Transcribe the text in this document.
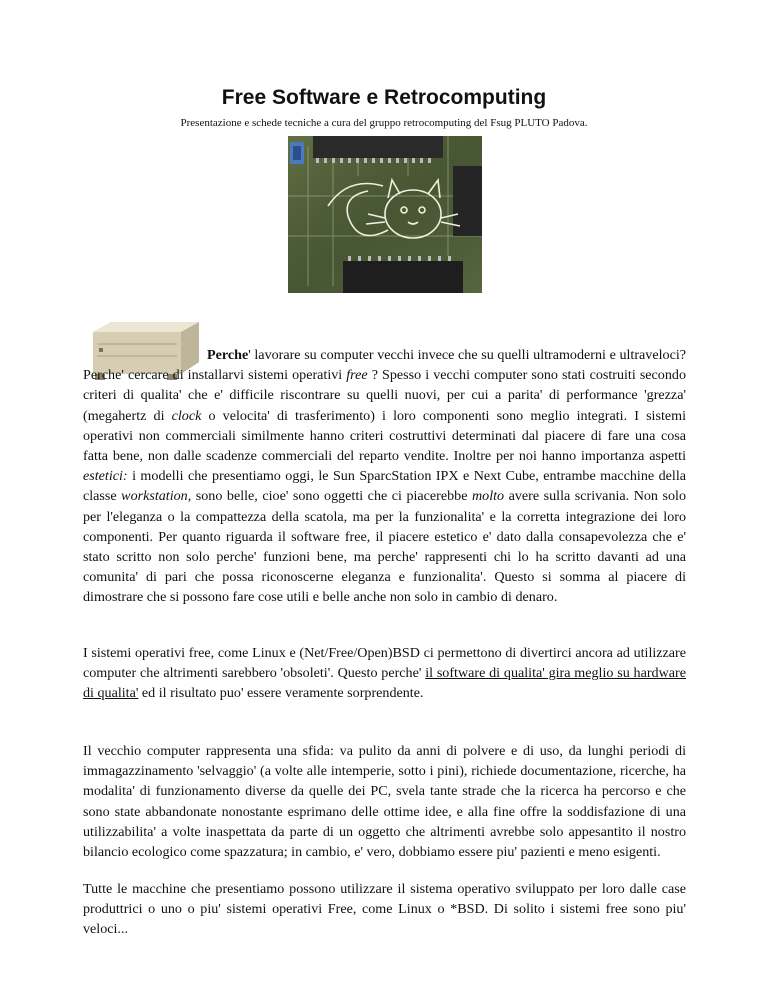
Free Software e Retrocomputing

Presentazione e schede tecniche a cura del gruppo retrocomputing del Fsug PLUTO Padova.

Perche' lavorare su computer vecchi invece che su quelli ultramoderni e ultraveloci? Perche' cercare di installarvi sistemi operativi free ? Spesso i vecchi computer sono stati costruiti secondo criteri di qualita' che e' difficile riscontrare su quelli nuovi, per cui a parita' di performance 'grezza' (megahertz di clock o velocita' di trasferimento) i loro componenti sono meglio integrati. I sistemi operativi non commerciali similmente hanno criteri costruttivi determinati dal piacere di fare una cosa fatta bene, non dalle scadenze commerciali del reparto vendite. Inoltre per noi hanno importanza aspetti estetici: i modelli che presentiamo oggi, le Sun SparcStation IPX e Next Cube, entrambe macchine della classe workstation, sono belle, cioe' sono oggetti che ci piacerebbe molto avere sulla scrivania. Non solo per l'eleganza o la compattezza della scatola, ma per la funzionalita' e la corretta integrazione dei loro componenti. Per quanto riguarda il software free, il piacere estetico e' dato dalla consapevolezza che e' stato scritto non solo perche' funzioni bene, ma perche' rappresenti chi lo ha scritto davanti ad una comunita' di pari che possa riconoscerne eleganza e funzionalita'. Questo si somma al piacere di dimostrare che si possono fare cose utili e belle anche non solo in cambio di denaro.

I sistemi operativi free, come Linux e (Net/Free/Open)BSD ci permettono di divertirci ancora ad utilizzare computer che altrimenti sarebbero 'obsoleti'. Questo perche' il software di qualita' gira meglio su hardware di qualita' ed il risultato puo' essere veramente sorprendente.

Il vecchio computer rappresenta una sfida: va pulito da anni di polvere e di uso, da lunghi periodi di immagazzinamento 'selvaggio' (a volte alle intemperie, sotto i pini), richiede documentazione, ricerche, ha modalita' di funzionamento diverse da quelle dei PC, svela tante strade che la ricerca ha percorso e che sono state abbandonate nonostante esprimano delle ottime idee, e alla fine offre la soddisfazione di una utilizzabilita' a volte inaspettata da parte di un oggetto che altrimenti avrebbe solo appesantito il nostro bilancio ecologico come spazzatura; in cambio, e' vero, dobbiamo essere piu' pazienti e meno esigenti.

Tutte le macchine che presentiamo possono utilizzare il sistema operativo sviluppato per loro dalle case produttrici o uno o piu' sistemi operativi Free, come Linux o *BSD. Di solito i sistemi free sono piu' veloci...
